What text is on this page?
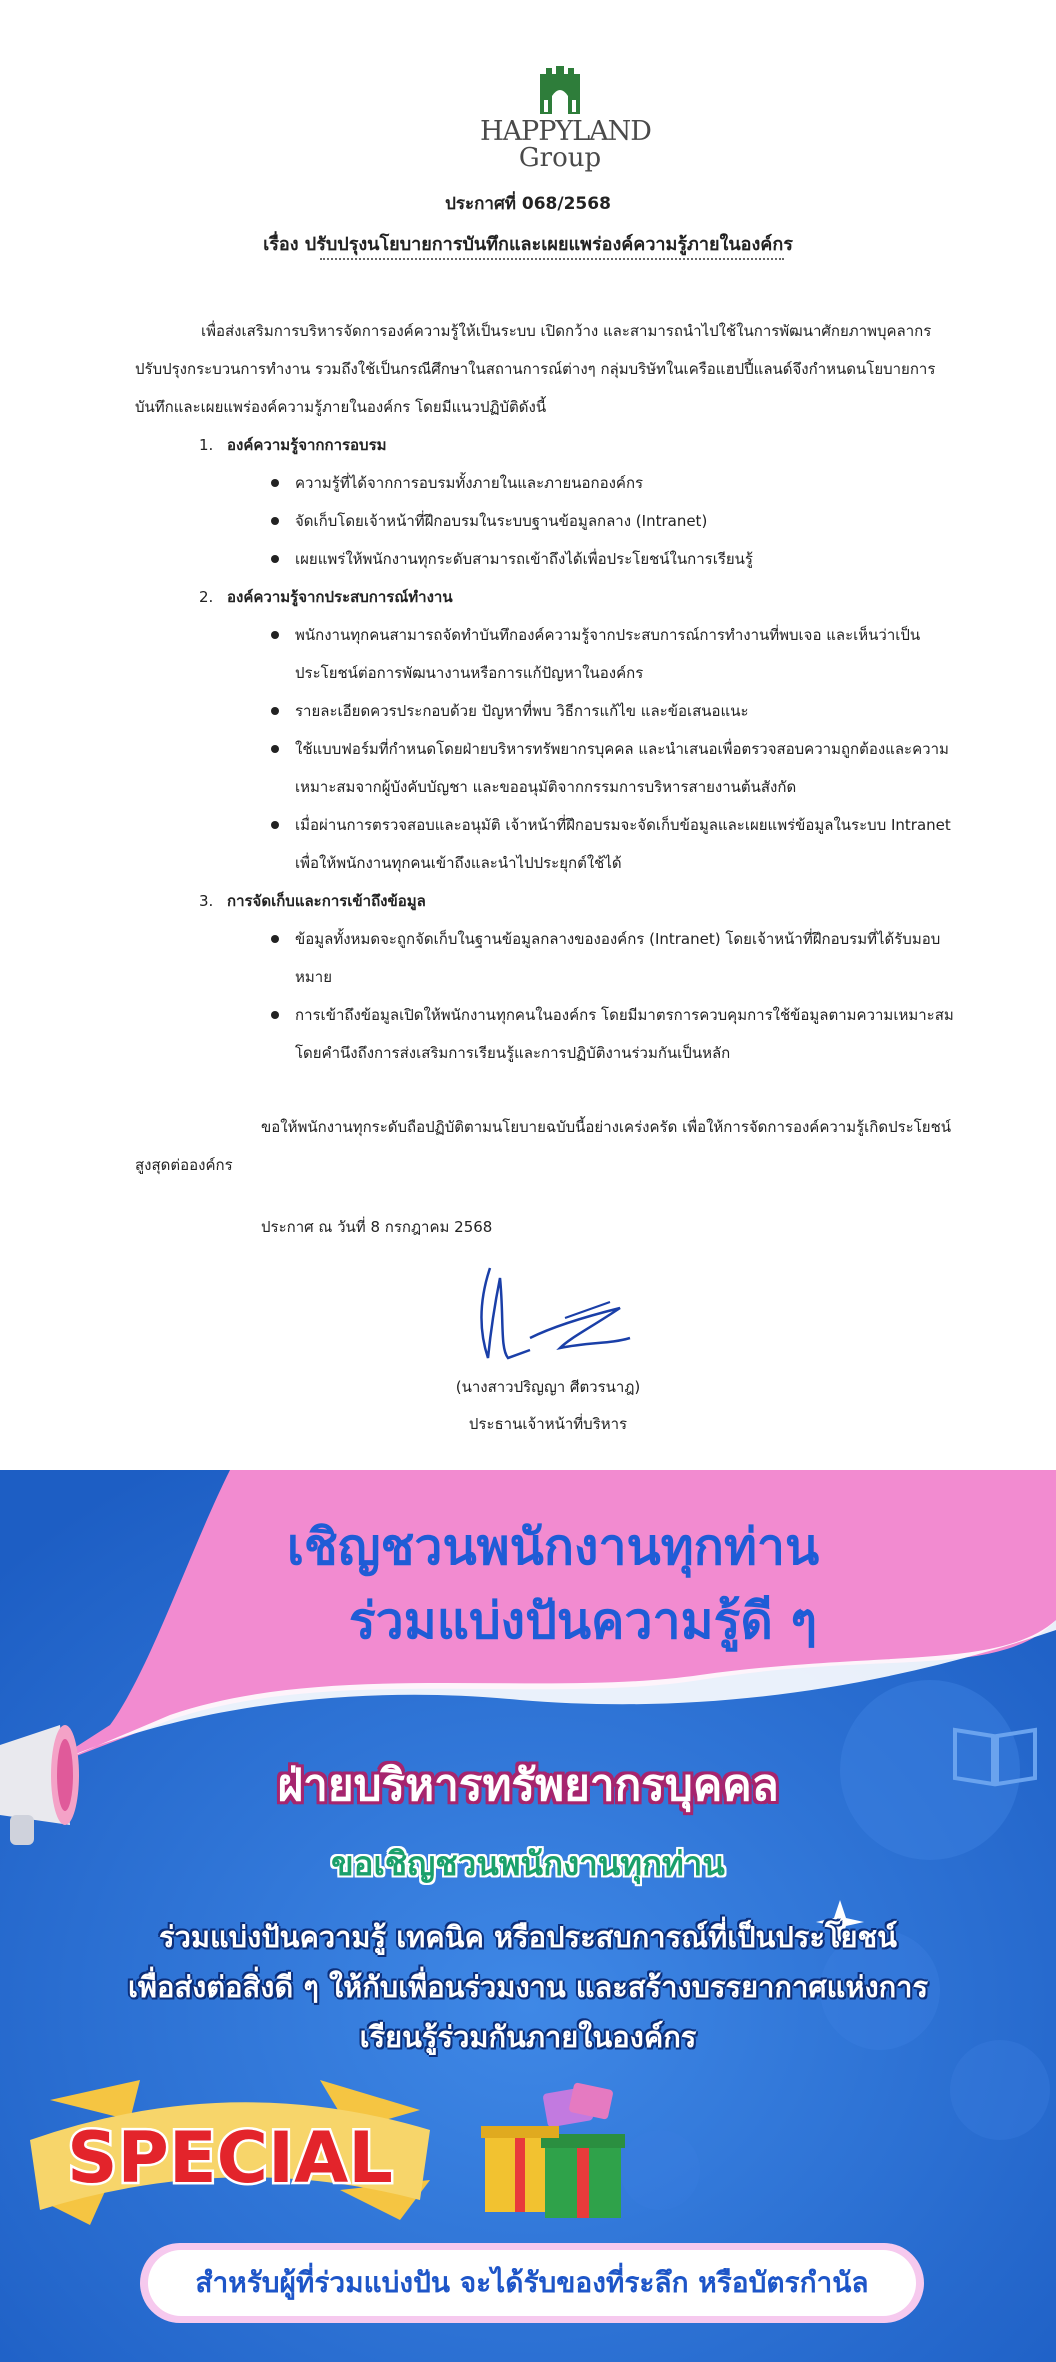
HAPPYLAND
Group
ประกาศที่ 068/2568
เรื่อง ปรับปรุงนโยบายการบันทึกและเผยแพร่องค์ความรู้ภายในองค์กร
เพื่อส่งเสริมการบริหารจัดการองค์ความรู้ให้เป็นระบบ เปิดกว้าง และสามารถนำไปใช้ในการพัฒนาศักยภาพบุคลากร ปรับปรุงกระบวนการทำงาน รวมถึงใช้เป็นกรณีศึกษาในสถานการณ์ต่างๆ กลุ่มบริษัทในเครือแฮปปี้แลนด์จึงกำหนดนโยบายการบันทึกและเผยแพร่องค์ความรู้ภายในองค์กร โดยมีแนวปฏิบัติดังนี้
1. องค์ความรู้จากการอบรม
ความรู้ที่ได้จากการอบรมทั้งภายในและภายนอกองค์กร
จัดเก็บโดยเจ้าหน้าที่ฝึกอบรมในระบบฐานข้อมูลกลาง (Intranet)
เผยแพร่ให้พนักงานทุกระดับสามารถเข้าถึงได้เพื่อประโยชน์ในการเรียนรู้
2. องค์ความรู้จากประสบการณ์ทำงาน
พนักงานทุกคนสามารถจัดทำบันทึกองค์ความรู้จากประสบการณ์การทำงานที่พบเจอ และเห็นว่าเป็นประโยชน์ต่อการพัฒนางานหรือการแก้ปัญหาในองค์กร
รายละเอียดควรประกอบด้วย ปัญหาที่พบ วิธีการแก้ไข และข้อเสนอแนะ
ใช้แบบฟอร์มที่กำหนดโดยฝ่ายบริหารทรัพยากรบุคคล และนำเสนอเพื่อตรวจสอบความถูกต้องและความเหมาะสมจากผู้บังคับบัญชา และขออนุมัติจากกรรมการบริหารสายงานต้นสังกัด
เมื่อผ่านการตรวจสอบและอนุมัติ เจ้าหน้าที่ฝึกอบรมจะจัดเก็บข้อมูลและเผยแพร่ข้อมูลในระบบ Intranet เพื่อให้พนักงานทุกคนเข้าถึงและนำไปประยุกต์ใช้ได้
3. การจัดเก็บและการเข้าถึงข้อมูล
ข้อมูลทั้งหมดจะถูกจัดเก็บในฐานข้อมูลกลางขององค์กร (Intranet) โดยเจ้าหน้าที่ฝึกอบรมที่ได้รับมอบหมาย
การเข้าถึงข้อมูลเปิดให้พนักงานทุกคนในองค์กร โดยมีมาตรการควบคุมการใช้ข้อมูลตามความเหมาะสม โดยคำนึงถึงการส่งเสริมการเรียนรู้และการปฏิบัติงานร่วมกันเป็นหลัก
ขอให้พนักงานทุกระดับถือปฏิบัติตามนโยบายฉบับนี้อย่างเคร่งครัด เพื่อให้การจัดการองค์ความรู้เกิดประโยชน์สูงสุดต่อองค์กร
ประกาศ ณ วันที่ 8 กรกฎาคม 2568
(นางสาวปริญญา ศีตวรนาฎ)
ประธานเจ้าหน้าที่บริหาร
เชิญชวนพนักงานทุกท่าน
ร่วมแบ่งปันความรู้ดี ๆ
ฝ่ายบริหารทรัพยากรบุคคล
ขอเชิญชวนพนักงานทุกท่าน
ร่วมแบ่งปันความรู้ เทคนิค หรือประสบการณ์ที่เป็นประโยชน์
เพื่อส่งต่อสิ่งดี ๆ ให้กับเพื่อนร่วมงาน และสร้างบรรยากาศแห่งการ
เรียนรู้ร่วมกันภายในองค์กร
SPECIAL
สำหรับผู้ที่ร่วมแบ่งปัน จะได้รับของที่ระลึก หรือบัตรกำนัล
